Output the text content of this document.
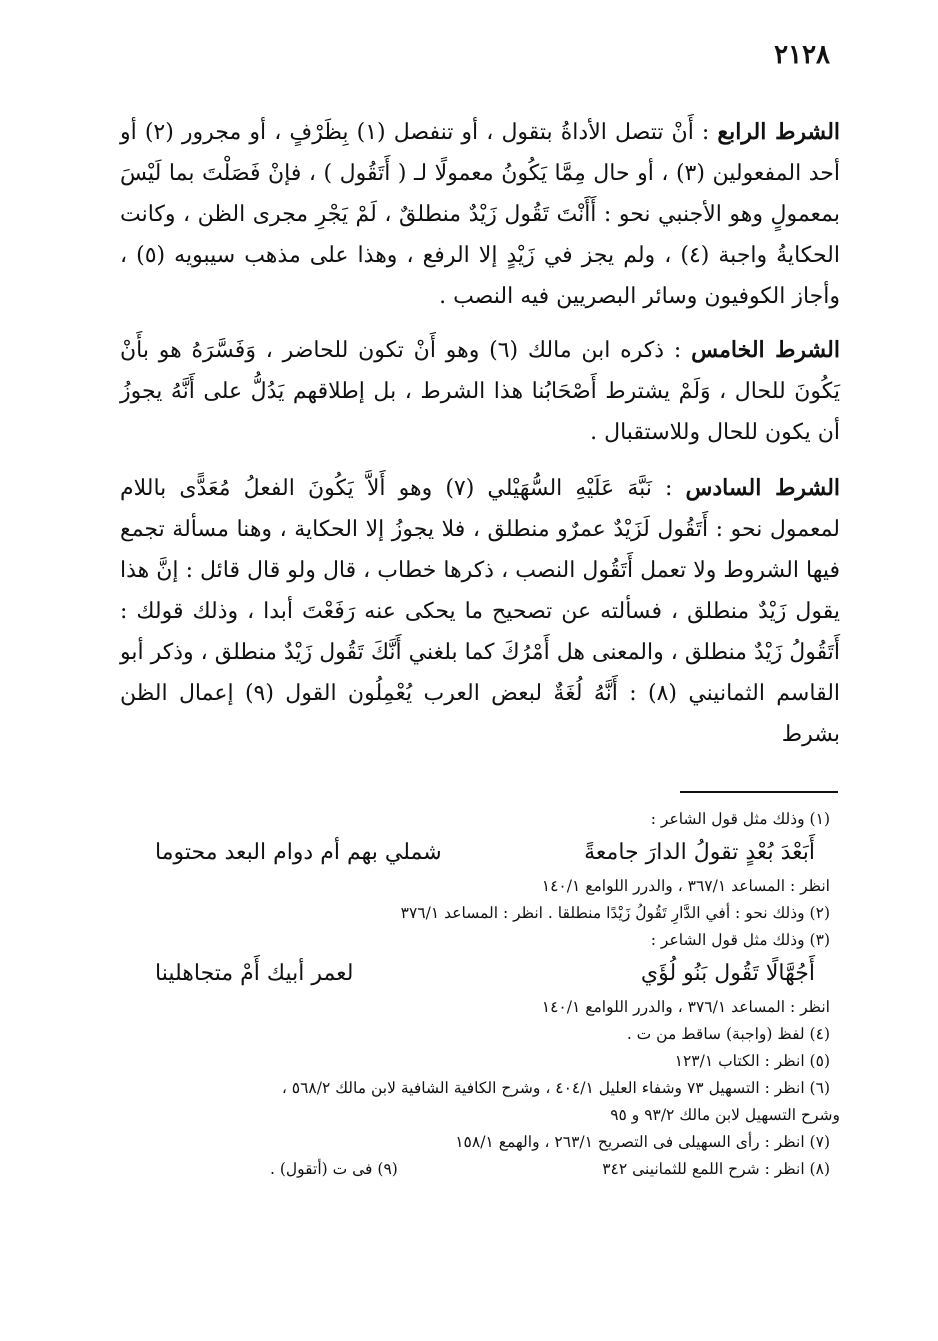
٢١٢٨

الشرط الرابع : أَنْ تتصل الأداةُ بتقول ، أو تنفصل (١) بِظَرْفٍ ، أو مجرور (٢) أو أحد المفعولين (٣) ، أو حال مِمَّا يَكُونُ معمولًا لـ ( أَتَقُول ) ، فإنْ فَصَلْتَ بما لَيْسَ بمعمولٍ وهو الأجنبي نحو : أَأَنْتَ تَقُول زَيْدٌ منطلقٌ ، لَمْ يَجْرِ مجرى الظن ، وكانت الحكايةُ واجبة (٤) ، ولم يجز في زَيْدٍ إلا الرفع ، وهذا على مذهب سيبويه (٥) ، وأجاز الكوفيون وسائر البصريين فيه النصب .

الشرط الخامس : ذكره ابن مالك (٦) وهو أَنْ تكون للحاضر ، وَفَسَّرَهُ هو بأَنْ يَكُونَ للحال ، وَلَمْ يشترط أَصْحَابُنا هذا الشرط ، بل إطلاقهم يَدُلُّ على أَنَّهُ يجوزُ أن يكون للحال وللاستقبال .

الشرط السادس : نَبَّهَ عَلَيْهِ السُّهَيْلي (٧) وهو أَلاَّ يَكُونَ الفعلُ مُعَدًّى باللام لمعمول نحو : أَتَقُول لَزَيْدٌ عمرٌو منطلق ، فلا يجوزُ إلا الحكاية ، وهنا مسألة تجمع فيها الشروط ولا تعمل أَتَقُول النصب ، ذكرها خطاب ، قال ولو قال قائل : إنَّ هذا يقول زَيْدٌ منطلق ، فسألته عن تصحيح ما يحكى عنه رَفَعْتَ أبدا ، وذلك قولك : أَتَقُولُ زَيْدٌ منطلق ، والمعنى هل أَمْرُكَ كما بلغني أَنَّكَ تَقُول زَيْدٌ منطلق ، وذكر أبو القاسم الثمانيني (٨) : أَنَّهُ لُغَةٌ لبعض العرب يُعْمِلُون القول (٩) إعمال الظن بشرط

(١) وذلك مثل قول الشاعر :
أَبَعْدَ بُعْدٍ تقولُ الدارَ جامعةً
شملي بهم أم دوام البعد محتوما
انظر : المساعد ٣٦٧/١ ، والدرر اللوامع ١٤٠/١
(٢) وذلك نحو : أفي الدَّارِ تَقُولُ زَيْدًا منطلقا . انظر : المساعد ٣٧٦/١
(٣) وذلك مثل قول الشاعر :
أَجُهَّالًا تَقُول بَنُو لُؤَي
لعمر أبيك أَمْ متجاهلينا
انظر : المساعد ٣٧٦/١ ، والدرر اللوامع ١٤٠/١
(٤) لفظ (واجبة) ساقط من ت .
(٥) انظر : الكتاب ١٢٣/١
(٦) انظر : التسهيل ٧٣ وشفاء العليل ٤٠٤/١ ، وشرح الكافية الشافية لابن مالك ٥٦٨/٢ ،
وشرح التسهيل لابن مالك ٩٣/٢ و ٩٥
(٧) انظر : رأى السهيلى فى التصريح ٢٦٣/١ ، والهمع ١٥٨/١
(٨) انظر : شرح اللمع للثمانينى ٣٤٢
(٩) فى ت (أتقول) .
